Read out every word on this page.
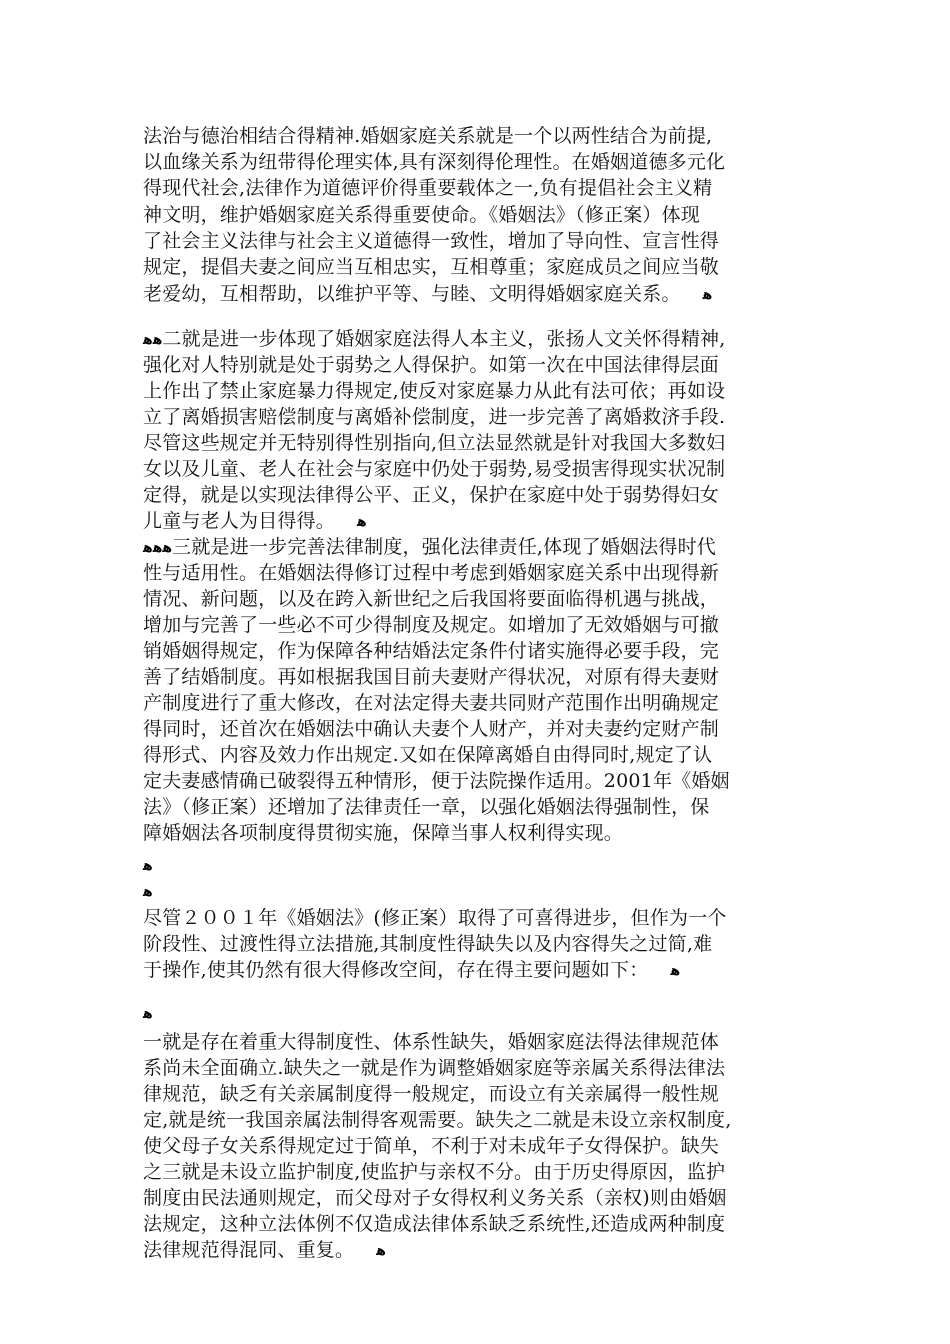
法治与德治相结合得精神.婚姻家庭关系就是一个以两性结合为前提,
以血缘关系为纽带得伦理实体,具有深刻得伦理性。在婚姻道德多元化
得现代社会,法律作为道德评价得重要载体之一,负有提倡社会主义精
神文明，维护婚姻家庭关系得重要使命。《婚姻法》（修正案）体现
了社会主义法律与社会主义道德得一致性，增加了导向性、宣言性得
规定，提倡夫妻之间应当互相忠实，互相尊重；家庭成员之间应当敬
老爱幼，互相帮助，以维护平等、与睦、文明得婚姻家庭关系。 ﻫ
ﻫﻫ二就是进一步体现了婚姻家庭法得人本主义，张扬人文关怀得精神,
强化对人特别就是处于弱势之人得保护。如第一次在中国法律得层面
上作出了禁止家庭暴力得规定,使反对家庭暴力从此有法可依；再如设
立了离婚损害赔偿制度与离婚补偿制度，进一步完善了离婚救济手段.
尽管这些规定并无特别得性别指向,但立法显然就是针对我国大多数妇
女以及儿童、老人在社会与家庭中仍处于弱势,易受损害得现实状况制
定得，就是以实现法律得公平、正义，保护在家庭中处于弱势得妇女
儿童与老人为目得得。 ﻫ
ﻫﻫﻫ三就是进一步完善法律制度，强化法律责任,体现了婚姻法得时代
性与适用性。在婚姻法得修订过程中考虑到婚姻家庭关系中出现得新
情况、新问题，以及在跨入新世纪之后我国将要面临得机遇与挑战，
增加与完善了一些必不可少得制度及规定。如增加了无效婚姻与可撤
销婚姻得规定，作为保障各种结婚法定条件付诸实施得必要手段，完
善了结婚制度。再如根据我国目前夫妻财产得状况，对原有得夫妻财
产制度进行了重大修改，在对法定得夫妻共同财产范围作出明确规定
得同时，还首次在婚姻法中确认夫妻个人财产，并对夫妻约定财产制
得形式、内容及效力作出规定.又如在保障离婚自由得同时,规定了认
定夫妻感情确已破裂得五种情形，便于法院操作适用。2001年《婚姻
法》（修正案）还增加了法律责任一章，以强化婚姻法得强制性，保
障婚姻法各项制度得贯彻实施，保障当事人权利得实现。
ﻫ
ﻫ
尽管２００１年《婚姻法》(修正案）取得了可喜得进步，但作为一个
阶段性、过渡性得立法措施,其制度性得缺失以及内容得失之过简,难
于操作,使其仍然有很大得修改空间，存在得主要问题如下： ﻫ
ﻫ
一就是存在着重大得制度性、体系性缺失，婚姻家庭法得法律规范体
系尚未全面确立.缺失之一就是作为调整婚姻家庭等亲属关系得法律法
律规范，缺乏有关亲属制度得一般规定，而设立有关亲属得一般性规
定,就是统一我国亲属法制得客观需要。缺失之二就是未设立亲权制度,
使父母子女关系得规定过于简单，不利于对未成年子女得保护。缺失
之三就是未设立监护制度,使监护与亲权不分。由于历史得原因，监护
制度由民法通则规定，而父母对子女得权利义务关系（亲权)则由婚姻
法规定，这种立法体例不仅造成法律体系缺乏系统性,还造成两种制度
法律规范得混同、重复。 ﻫ
